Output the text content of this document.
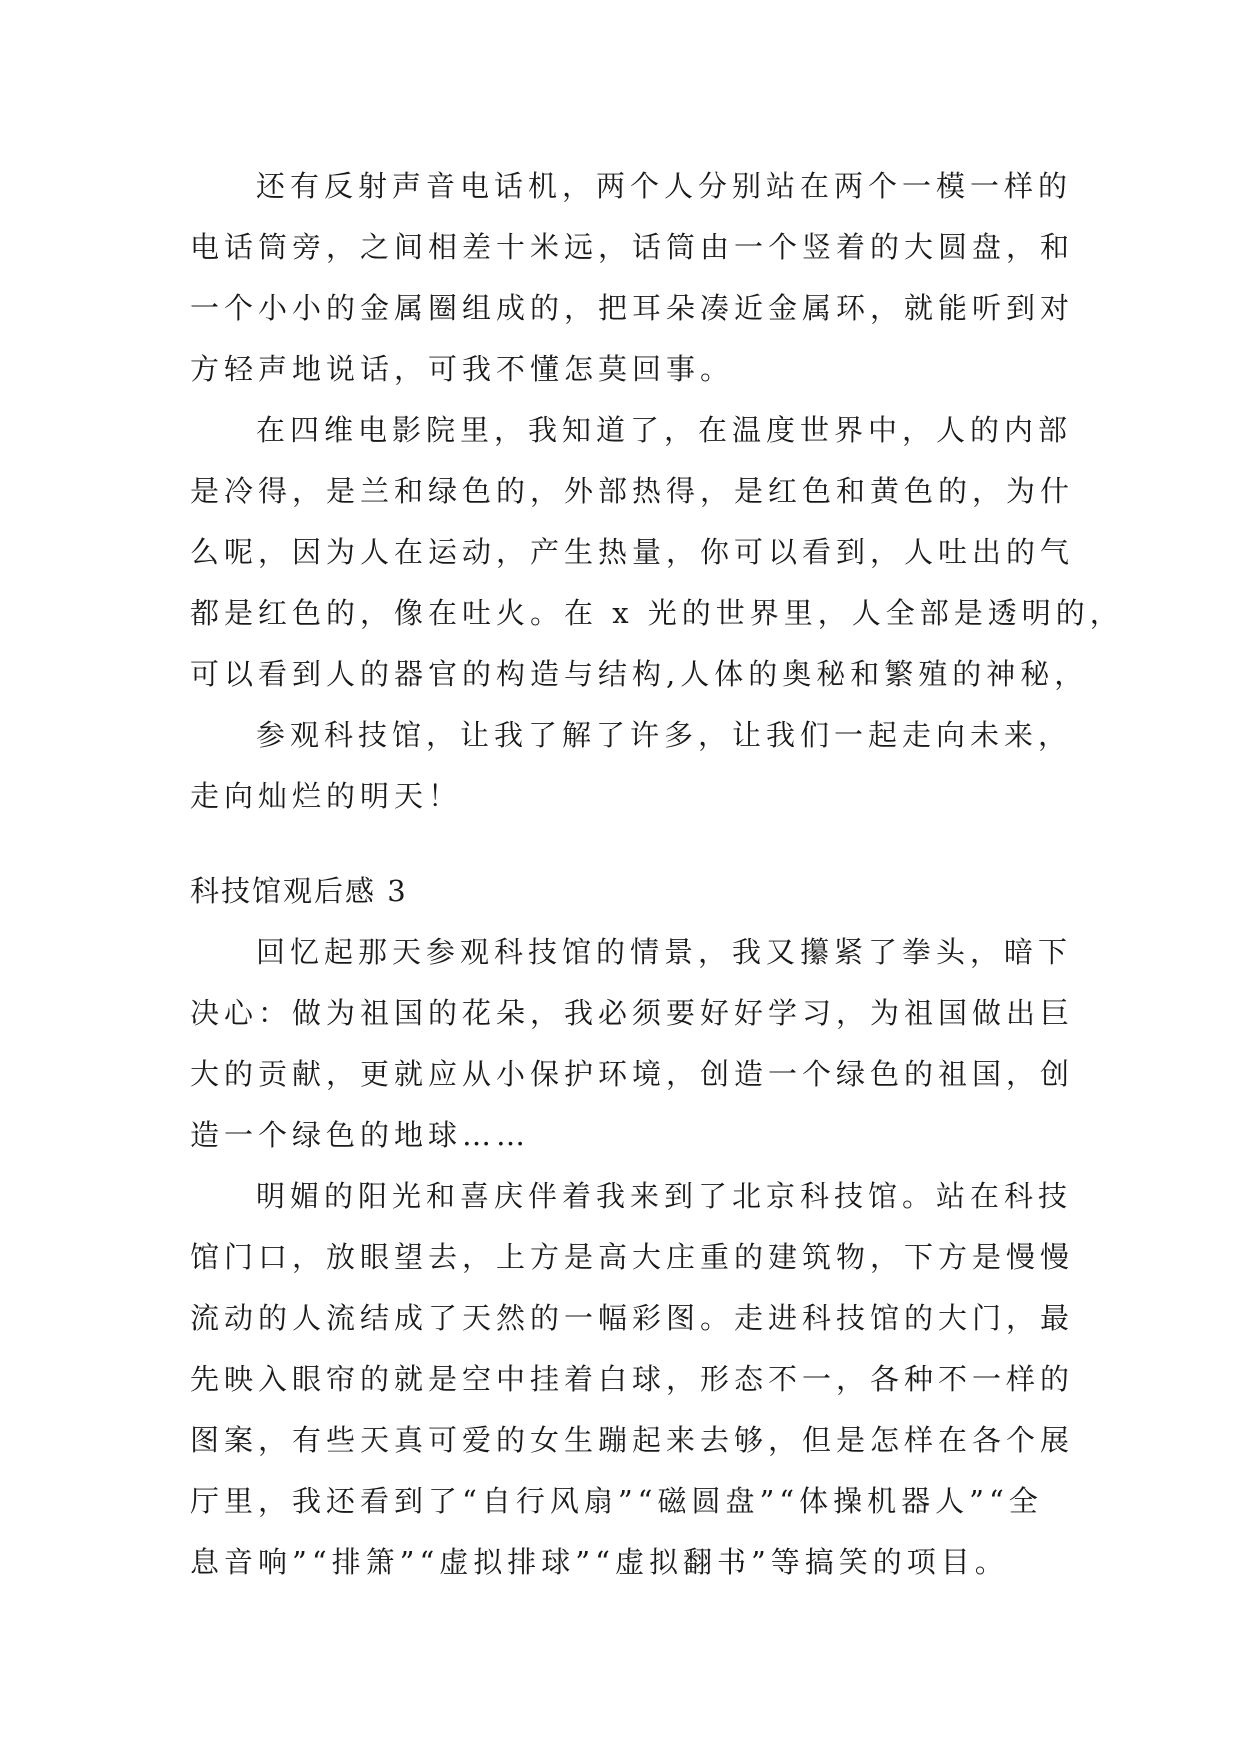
还有反射声音电话机，两个人分别站在两个一模一样的
电话筒旁，之间相差十米远，话筒由一个竖着的大圆盘，和
一个小小的金属圈组成的，把耳朵凑近金属环，就能听到对
方轻声地说话，可我不懂怎莫回事。
在四维电影院里，我知道了，在温度世界中，人的内部
是冷得，是兰和绿色的，外部热得，是红色和黄色的，为什
么呢，因为人在运动，产生热量，你可以看到，人吐出的气
都是红色的，像在吐火。在 x 光的世界里，人全部是透明的，
可以看到人的器官的构造与结构,人体的奥秘和繁殖的神秘，
参观科技馆，让我了解了许多，让我们一起走向未来，
走向灿烂的明天！
科技馆观后感 3
回忆起那天参观科技馆的情景，我又攥紧了拳头，暗下
决心：做为祖国的花朵，我必须要好好学习，为祖国做出巨
大的贡献，更就应从小保护环境，创造一个绿色的祖国，创
造一个绿色的地球……
明媚的阳光和喜庆伴着我来到了北京科技馆。站在科技
馆门口，放眼望去，上方是高大庄重的建筑物，下方是慢慢
流动的人流结成了天然的一幅彩图。走进科技馆的大门，最
先映入眼帘的就是空中挂着白球，形态不一，各种不一样的
图案，有些天真可爱的女生蹦起来去够，但是怎样在各个展
厅里，我还看到了“自行风扇”“磁圆盘”“体操机器人”“全
息音响”“排箫”“虚拟排球”“虚拟翻书”等搞笑的项目。
